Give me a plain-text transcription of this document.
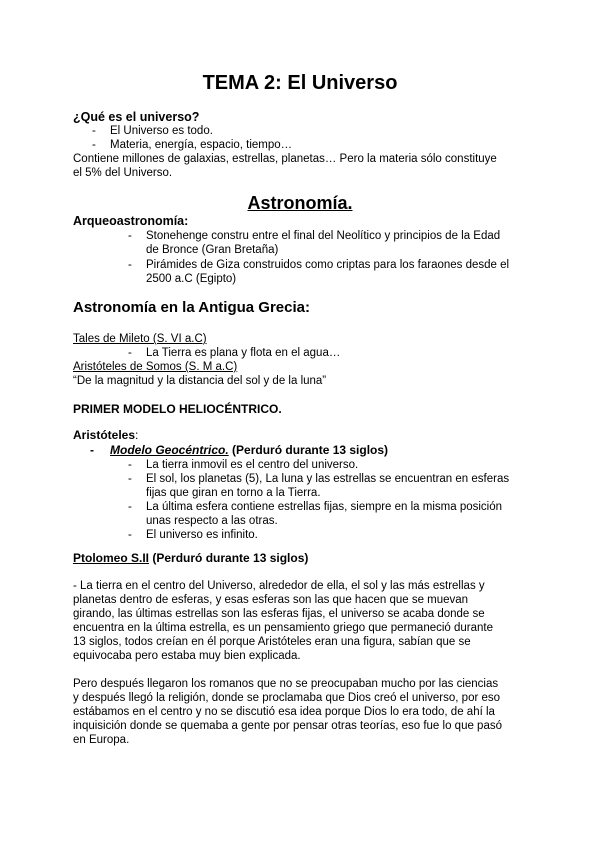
TEMA 2: El Universo
¿Qué es el universo?
- El Universo es todo.
- Materia, energía, espacio, tiempo…
Contiene millones de galaxias, estrellas, planetas… Pero la materia sólo constituye
el 5% del Universo.
Astronomía.
Arqueoastronomía:
- Stonehenge constru entre el final del Neolítico y principios de la Edad
de Bronce (Gran Bretaña)
- Pirámides de Giza construidos como criptas para los faraones desde el
2500 a.C (Egipto)
Astronomía en la Antigua Grecia:
Tales de Mileto (S. VI a.C)
- La Tierra es plana y flota en el agua…
Aristóteles de Somos (S. M a.C)
“De la magnitud y la distancia del sol y de la luna”
PRIMER MODELO HELIOCÉNTRICO.
Aristóteles:
- Modelo Geocéntrico. (Perduró durante 13 siglos)
- La tierra inmovil es el centro del universo.
- El sol, los planetas (5), La luna y las estrellas se encuentran en esferas
fijas que giran en torno a la Tierra.
- La última esfera contiene estrellas fijas, siempre en la misma posición
unas respecto a las otras.
- El universo es infinito.
Ptolomeo S.II (Perduró durante 13 siglos)
- La tierra en el centro del Universo, alrededor de ella, el sol y las más estrellas y
planetas dentro de esferas, y esas esferas son las que hacen que se muevan
girando, las últimas estrellas son las esferas fijas, el universo se acaba donde se
encuentra en la última estrella, es un pensamiento griego que permaneció durante
13 siglos, todos creían en él porque Aristóteles eran una figura, sabían que se
equivocaba pero estaba muy bien explicada.
Pero después llegaron los romanos que no se preocupaban mucho por las ciencias
y después llegó la religión, donde se proclamaba que Dios creó el universo, por eso
estábamos en el centro y no se discutió esa idea porque Dios lo era todo, de ahí la
inquisición donde se quemaba a gente por pensar otras teorías, eso fue lo que pasó
en Europa.
